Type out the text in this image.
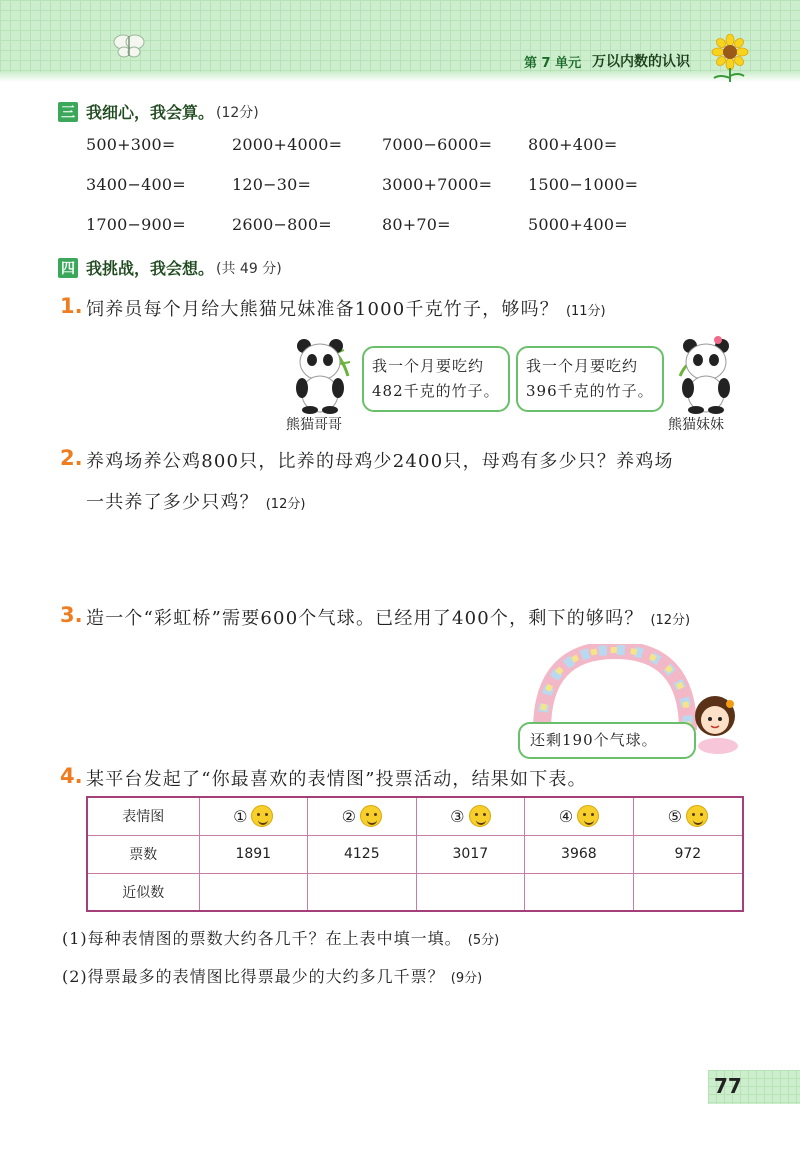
第 7 单元 万以内数的认识
三 我细心，我会算。 (12分)
500+300=	2000+4000= 7000−6000= 800+400=
3400−400=	120−30=	3000+7000= 1500−1000=
1700−900=	2600−800=	80+70=	5000+400=
四 我挑战，我会想。 (共 49 分)
1. 饲养员每个月给大熊猫兄妹准备1000千克竹子，够吗？ (11分)
我一个月要吃约
482千克的竹子。
我一个月要吃约
396千克的竹子。
熊猫哥哥	熊猫妹妹
2. 养鸡场养公鸡800只，比养的母鸡少2400只，母鸡有多少只？养鸡场
一共养了多少只鸡？ (12分)
3. 造一个“彩虹桥”需要600个气球。已经用了400个，剩下的够吗？ (12分)
还剩190个气球。
4. 某平台发起了“你最喜欢的表情图”投票活动，结果如下表。
表情图	①	②	③	④	⑤
票数	1891	4125	3017	3968	972
近似数					
(1)每种表情图的票数大约各几千？在上表中填一填。 (5分)
(2)得票最多的表情图比得票最少的大约多几千票？ (9分)
77
